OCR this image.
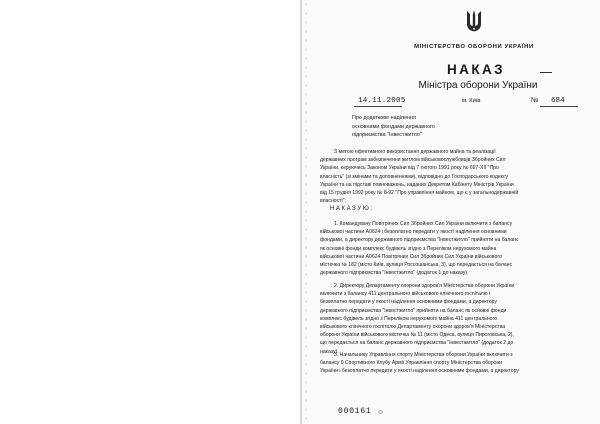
МІНІСТЕРСТВО ОБОРОНИ УКРАЇНИ
НАКАЗ
Міністра оборони України
14.11.2005	м. Київ	№ 684
Про додаткове наділення
основними фондами державного
підприємства "Інвестжитло"
З метою ефективного використання державного майна та реалізації
державних програм забезпечення житлом військовослужбовців Збройних Сил
України, керуючись Законом України від 7 лютого 1991 року № 697-ХІІ "Про
власність" (зі змінами та доповненнями), відповідно до Господарського кодексу
України та на підставі повноважень, наданих Декретом Кабінету Міністрів України
від 15 грудня 1992 року № 8-92 "Про управління майном, що є у загальнодержавній
власності",
НАКАЗУЮ:
1. Командувачу Повітряних Сил Збройних Сил України включити з балансу
військової частини А0624 і безоплатно передати у якості наділення основними
фондами, а директору державного підприємства "Інвестжитло" прийняти на баланс
як основні фонди комплекс будівель згідно з Переліком нерухомого майна
військової частини А0624 Повітряних Сил Збройних Сил України військового
містечка № 182 (місто Київ, вулиця Россошанська, 3), що передається на баланс
державного підприємства "Інвестжитло" (додаток 1 до наказу).
2. Директору Департаменту охорони здоров'я Міністерства оборони України
включити з балансу 411 центрального військового клінічного госпіталю і
безоплатно передати у якості наділення основними фондами, а директору
державного підприємства "Інвестжитло" прийняти на баланс як основні фонди
комплекс будівель згідно з Переліком нерухомого майна 411 центрального
військового клінічного госпіталю Департаменту охорони здоров'я Міністерства
оборони України військового містечка № 11 (місто Одеса, вулиця Пироговська, 2),
що передається на баланс державного підприємства "Інвестжитло" (додаток 2 до
наказу).
3. Начальнику Управління спорту Міністерства оборони України включити з
балансу 9 Спортивного Клубу Армії Управління спорту Міністерства оборони
України і безоплатно передати у якості наділення основними фондами, а директору
000161 ☺
